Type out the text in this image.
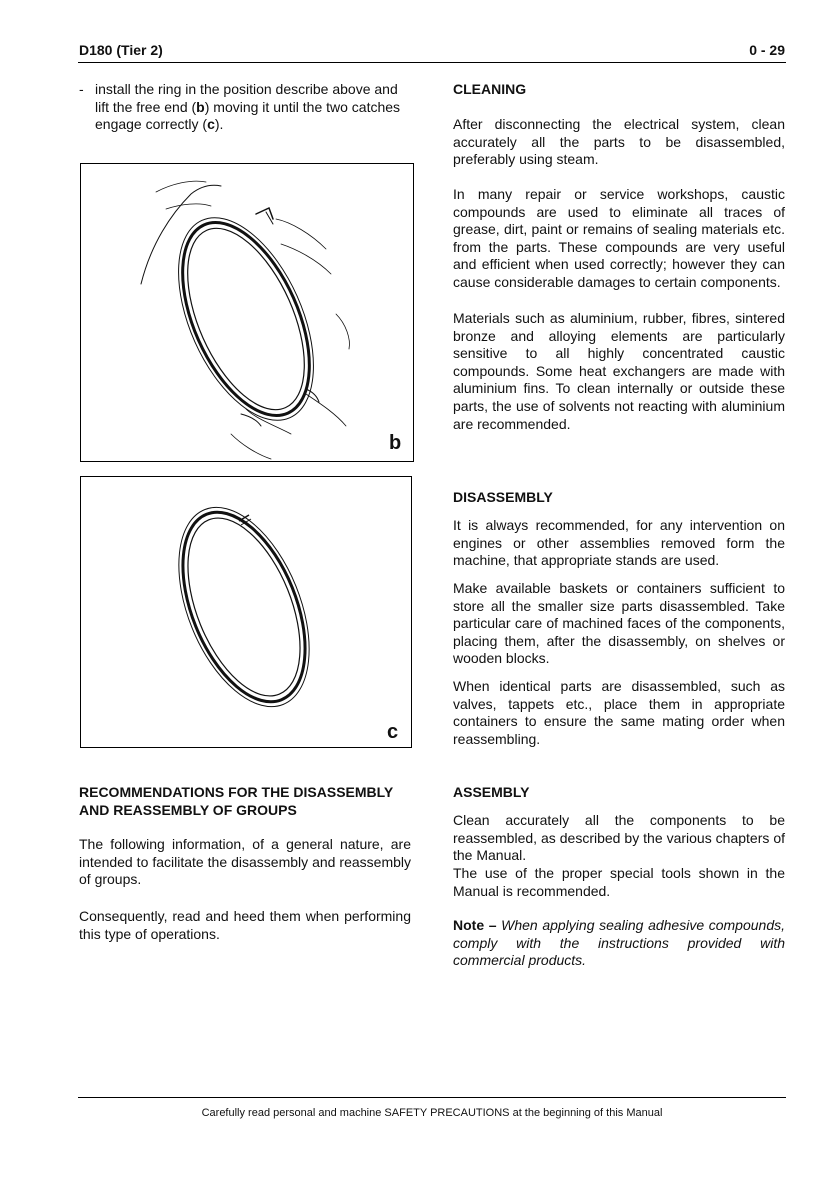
D180 (Tier 2)	0 - 29
- install the ring in the position describe above and lift the free end (b) moving it until the two catches engage correctly (c).
b
c
RECOMMENDATIONS FOR THE DISASSEMBLY AND REASSEMBLY OF GROUPS
The following information, of a general nature, are intended to facilitate the disassembly and reassembly of groups.
Consequently, read and heed them when performing this type of operations.
CLEANING
After disconnecting the electrical system, clean accurately all the parts to be disassembled, preferably using steam.
In many repair or service workshops, caustic compounds are used to eliminate all traces of grease, dirt, paint or remains of sealing materials etc. from the parts. These compounds are very useful and efficient when used correctly; however they can cause considerable damages to certain components.
Materials such as aluminium, rubber, fibres, sintered bronze and alloying elements are particularly sensitive to all highly concentrated caustic compounds. Some heat exchangers are made with aluminium fins. To clean internally or outside these parts, the use of solvents not reacting with aluminium are recommended.
DISASSEMBLY
It is always recommended, for any intervention on engines or other assemblies removed form the machine, that appropriate stands are used.
Make available baskets or containers sufficient to store all the smaller size parts disassembled. Take particular care of machined faces of the components, placing them, after the disassembly, on shelves or wooden blocks.
When identical parts are disassembled, such as valves, tappets etc., place them in appropriate containers to ensure the same mating order when reassembling.
ASSEMBLY
Clean accurately all the components to be reassembled, as described by the various chapters of the Manual.
The use of the proper special tools shown in the Manual is recommended.
Note – When applying sealing adhesive compounds, comply with the instructions provided with commercial products.
Carefully read personal and machine SAFETY PRECAUTIONS at the beginning of this Manual
